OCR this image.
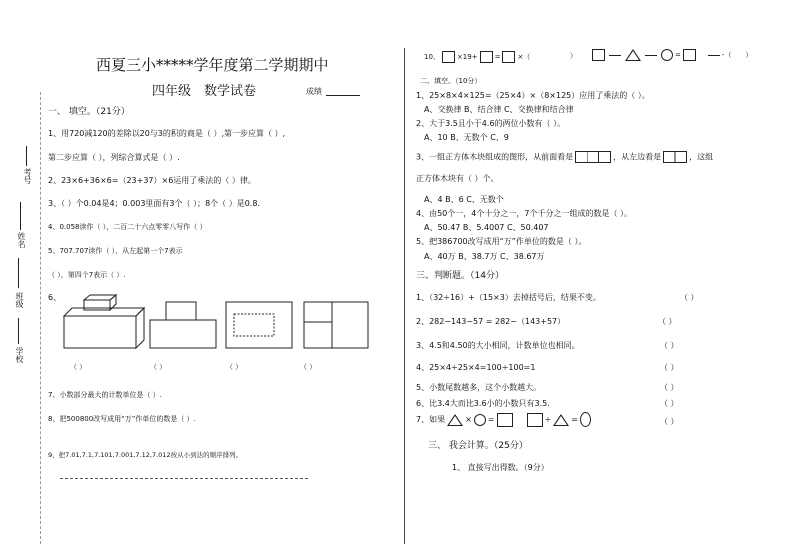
考号
姓名
班级
学校
西夏三小*****学年度第二学期期中
四年级　数学试卷	成绩
一、 填空。（21分）
1、用720减120的差除以20与3的积的商是（ ）,第一步应算（ ）,
第二步应算（ ），列综合算式是（ ）.
2、23×6+36×6=（23+37）×6运用了乘法的（ ）律。
3、（ ）个0.04是4；0.003里面有3个（ ）；8个（ ）是0.8.
4、0.058读作（ ），二百二十六点零零八写作（ ）
5、707.707读作（ ），从左起第一个7表示
（ ），第四个7表示（ ）.
6、
（ ）	（ ）	（ ）	（ ）
7、小数部分最大的计数单位是（ ）.
8、把500800改写成用“万”作单位的数是（ ）.
9、把7.01,7.1,7.101,7.001,7.12,7.012按从小到达的顺序排列。
10、 ×19+ = ×（	）	=	-（ ）
二、填空。（10分）
1、25×8×4×125=（25×4）×（8×125）应用了乘法的（ ）。
A、交换律 B、结合律 C、交换律和结合律
2、大于3.5且小于4.6的两位小数有（ ）。
A、10 B、无数个 C、9
3、一组正方体木块组成的图形，从前面看是	，从左边看是	，这组
正方体木块有（ ）个。
A、4 B、6 C、无数个
4、由50个一，4个十分之一，7个千分之一组成的数是（ ）。
A、50.47 B、5.4007 C、50.407
5、把386700改写成用“万”作单位的数是（ ）。
A、40万 B、38.7万 C、38.67万
三、判断题。（14分）
1、（32÷16）+（15×3）去掉括号后，结果不变。	（ ）
2、282−143−57 = 282−（143+57）	（ ）
3、4.5和4.50的大小相同，计数单位也相同。	（ ）
4、25×4÷25×4=100÷100=1	（ ）
5、小数尾数越多，这个小数越大。	（ ）
6、比3.4大而比3.6小的小数只有3.5.	（ ）
7、如果	× =	÷	=	（ ）
三、 我会计算。（25分）
1、 直接写出得数。（9分）
